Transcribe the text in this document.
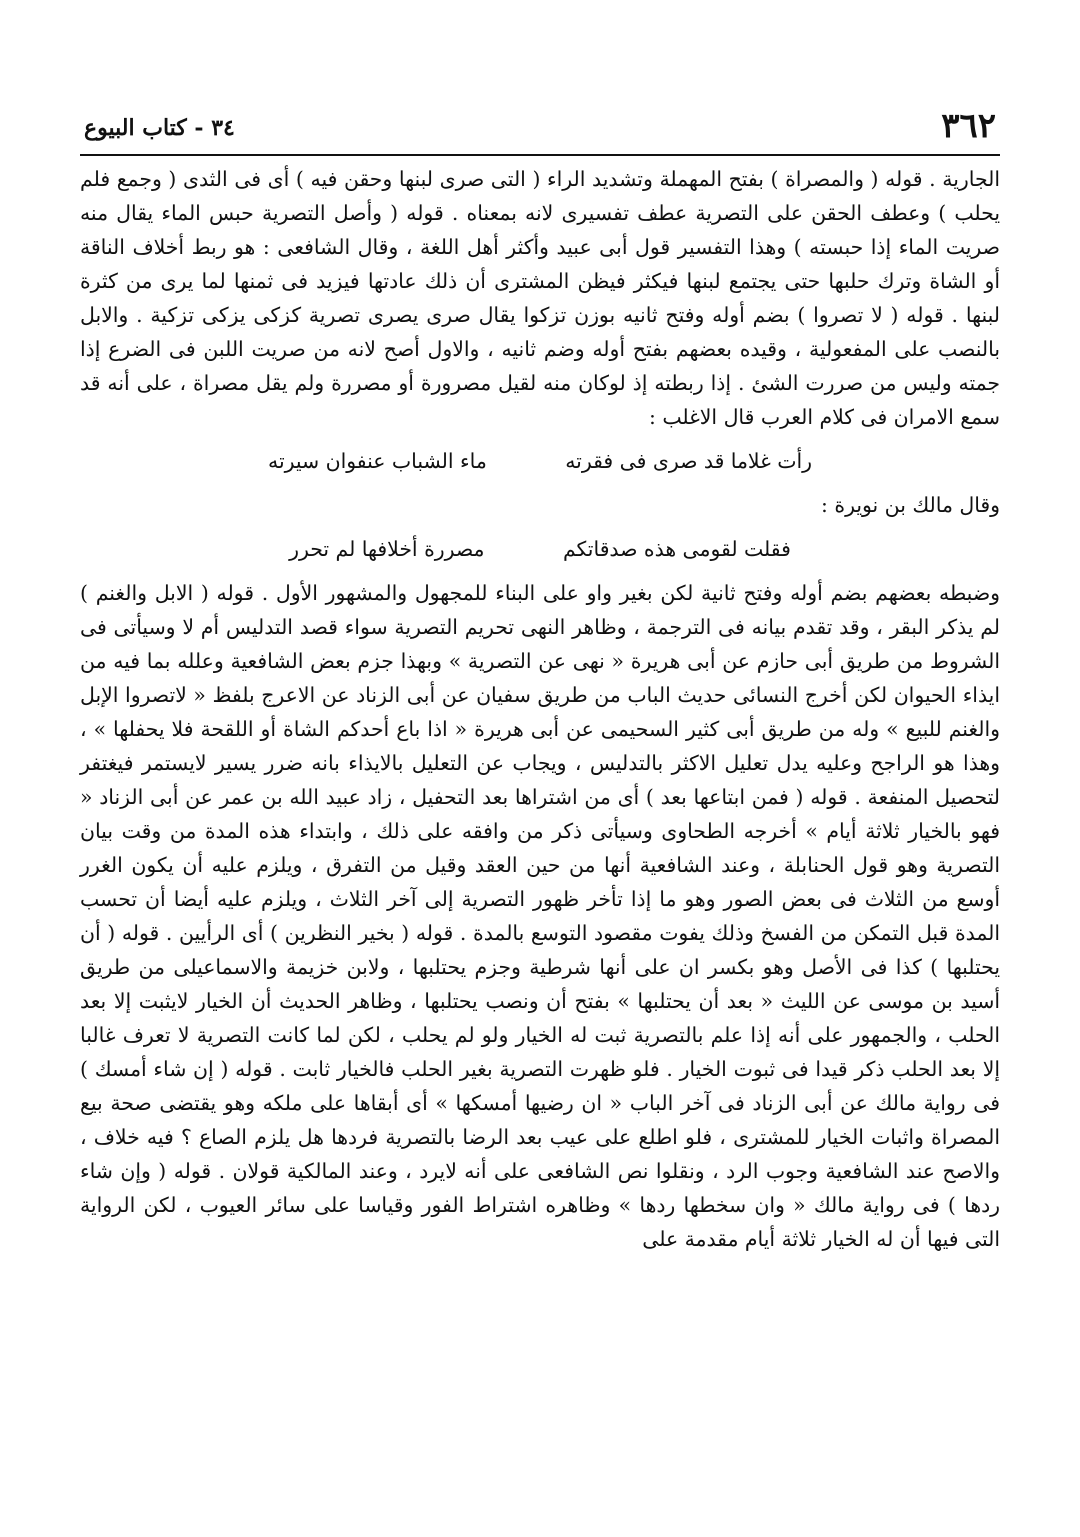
٣٦٢
٣٤ - كتاب البيوع

الجارية . قوله ( والمصراة ) بفتح المهملة وتشديد الراء ( التى صرى لبنها وحقن فيه ) أى فى الثدى ( وجمع فلم يحلب ) وعطف الحقن على التصرية عطف تفسيرى لانه بمعناه . قوله ( وأصل التصرية حبس الماء يقال منه صريت الماء إذا حبسته ) وهذا التفسير قول أبى عبيد وأكثر أهل اللغة ، وقال الشافعى : هو ربط أخلاف الناقة أو الشاة وترك حلبها حتى يجتمع لبنها فيكثر فيظن المشترى أن ذلك عادتها فيزيد فى ثمنها لما يرى من كثرة لبنها . قوله ( لا تصروا ) بضم أوله وفتح ثانيه بوزن تزكوا يقال صرى يصرى تصرية كزكى يزكى تزكية . والابل بالنصب على المفعولية ، وقيده بعضهم بفتح أوله وضم ثانيه ، والاول أصح لانه من صريت اللبن فى الضرع إذا جمته وليس من صررت الشئ . إذا ربطته إذ لوكان منه لقيل مصرورة أو مصررة ولم يقل مصراة ، على أنه قد سمع الامران فى كلام العرب قال الاغلب :

رأت غلاما قد صرى فى فقرته ماء الشباب عنفوان سيرته

وقال مالك بن نويرة :

فقلت لقومى هذه صدقاتكم مصررة أخلافها لم تحرر

وضبطه بعضهم بضم أوله وفتح ثانية لكن بغير واو على البناء للمجهول والمشهور الأول . قوله ( الابل والغنم ) لم يذكر البقر ، وقد تقدم بيانه فى الترجمة ، وظاهر النهى تحريم التصرية سواء قصد التدليس أم لا وسيأتى فى الشروط من طريق أبى حازم عن أبى هريرة « نهى عن التصرية » وبهذا جزم بعض الشافعية وعلله بما فيه من ايذاء الحيوان لكن أخرج النسائى حديث الباب من طريق سفيان عن أبى الزناد عن الاعرج بلفظ « لاتصروا الإبل والغنم للبيع » وله من طريق أبى كثير السحيمى عن أبى هريرة « اذا باع أحدكم الشاة أو اللقحة فلا يحفلها » ، وهذا هو الراجح وعليه يدل تعليل الاكثر بالتدليس ، ويجاب عن التعليل بالايذاء بانه ضرر يسير لايستمر فيغتفر لتحصيل المنفعة . قوله ( فمن ابتاعها بعد ) أى من اشتراها بعد التحفيل ، زاد عبيد الله بن عمر عن أبى الزناد « فهو بالخيار ثلاثة أيام » أخرجه الطحاوى وسيأتى ذكر من وافقه على ذلك ، وابتداء هذه المدة من وقت بيان التصرية وهو قول الحنابلة ، وعند الشافعية أنها من حين العقد وقيل من التفرق ، ويلزم عليه أن يكون الغرر أوسع من الثلاث فى بعض الصور وهو ما إذا تأخر ظهور التصرية إلى آخر الثلاث ، ويلزم عليه أيضا أن تحسب المدة قبل التمكن من الفسخ وذلك يفوت مقصود التوسع بالمدة . قوله ( بخير النظرين ) أى الرأيين . قوله ( أن يحتلبها ) كذا فى الأصل وهو بكسر ان على أنها شرطية وجزم يحتلبها ، ولابن خزيمة والاسماعيلى من طريق أسيد بن موسى عن الليث « بعد أن يحتلبها » بفتح أن ونصب يحتلبها ، وظاهر الحديث أن الخيار لايثبت إلا بعد الحلب ، والجمهور على أنه إذا علم بالتصرية ثبت له الخيار ولو لم يحلب ، لكن لما كانت التصرية لا تعرف غالبا إلا بعد الحلب ذكر قيدا فى ثبوت الخيار . فلو ظهرت التصرية بغير الحلب فالخيار ثابت . قوله ( إن شاء أمسك ) فى رواية مالك عن أبى الزناد فى آخر الباب « ان رضيها أمسكها » أى أبقاها على ملكه وهو يقتضى صحة بيع المصراة واثبات الخيار للمشترى ، فلو اطلع على عيب بعد الرضا بالتصرية فردها هل يلزم الصاع ؟ فيه خلاف ، والاصح عند الشافعية وجوب الرد ، ونقلوا نص الشافعى على أنه لايرد ، وعند المالكية قولان . قوله ( وإن شاء ردها ) فى رواية مالك « وان سخطها ردها » وظاهره اشتراط الفور وقياسا على سائر العيوب ، لكن الرواية التى فيها أن له الخيار ثلاثة أيام مقدمة على
